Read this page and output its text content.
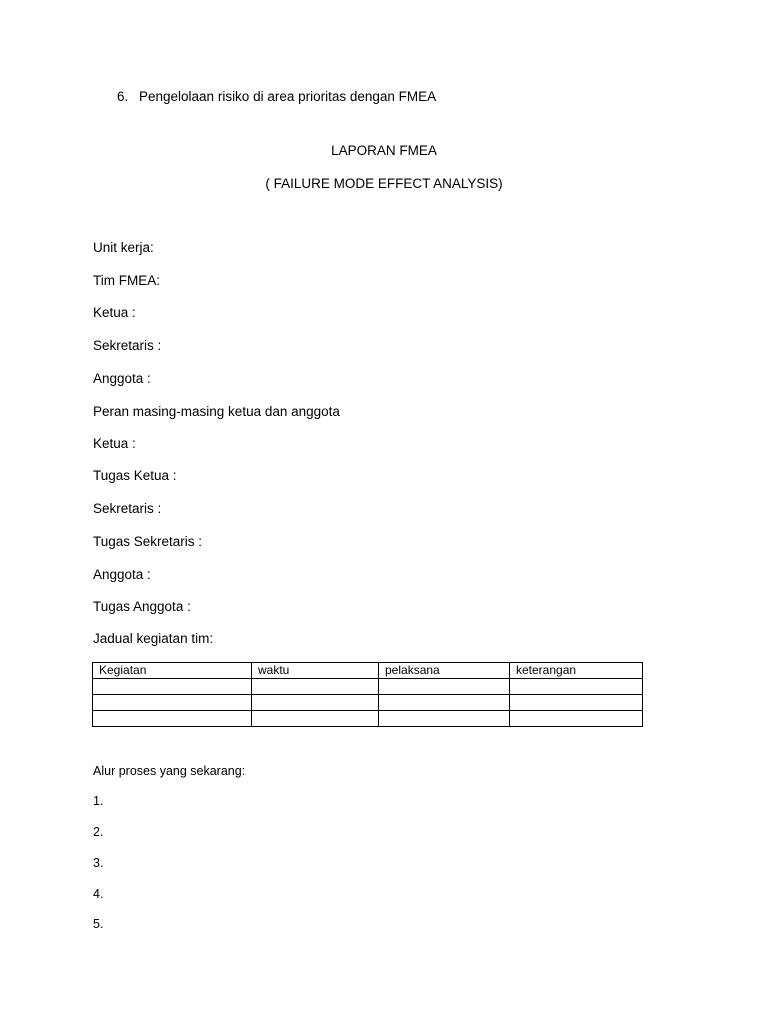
6. Pengelolaan risiko di area prioritas dengan FMEA
LAPORAN FMEA
( FAILURE MODE EFFECT ANALYSIS)
Unit kerja:
Tim FMEA:
Ketua :
Sekretaris :
Anggota :
Peran masing-masing ketua dan anggota
Ketua :
Tugas Ketua :
Sekretaris :
Tugas Sekretaris :
Anggota :
Tugas Anggota :
Jadual kegiatan tim:
Kegiatan	waktu	pelaksana	keterangan

Alur proses yang sekarang:
1.
2.
3.
4.
5.
